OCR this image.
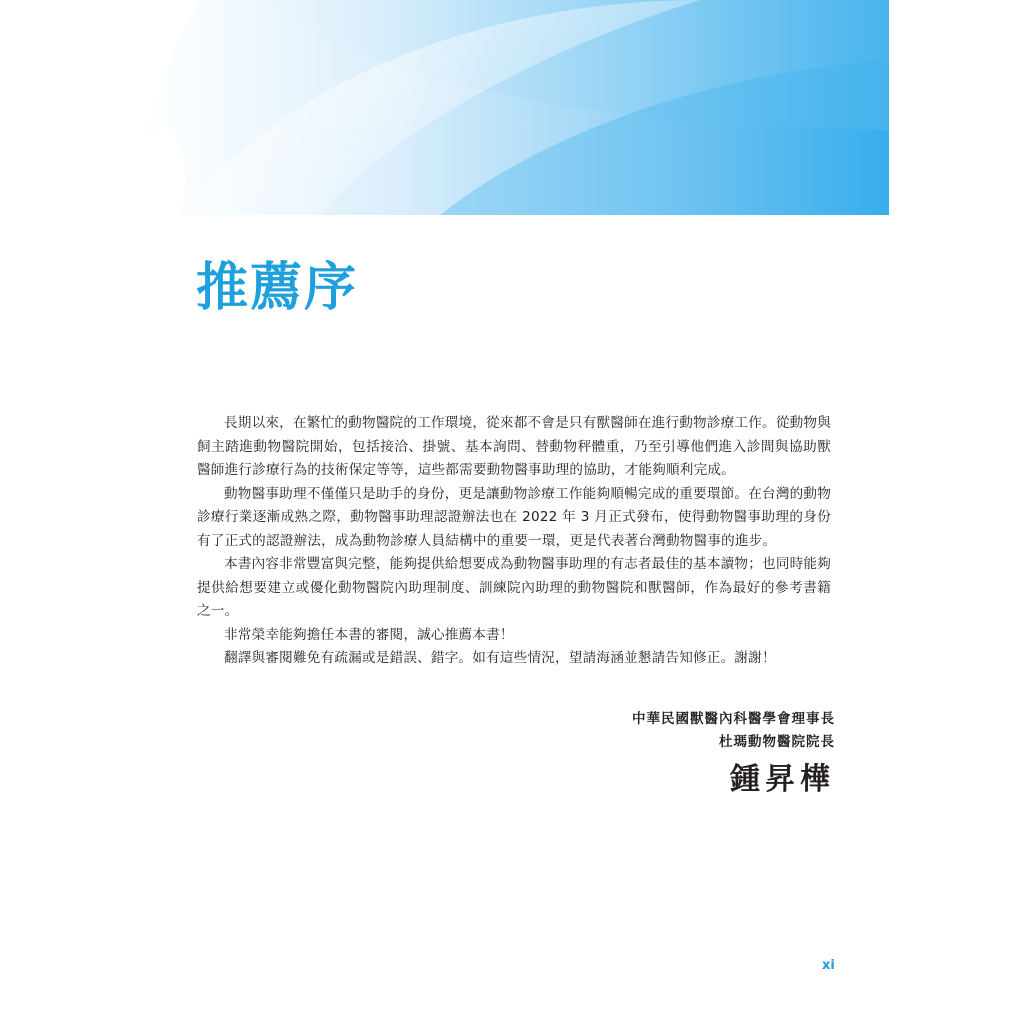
推薦序

長期以來，在繁忙的動物醫院的工作環境，從來都不會是只有獸醫師在進行動物診療工作。從動物與飼主踏進動物醫院開始，包括接洽、掛號、基本詢問、替動物秤體重，乃至引導他們進入診間與協助獸醫師進行診療行為的技術保定等等，這些都需要動物醫事助理的協助，才能夠順利完成。

動物醫事助理不僅僅只是助手的身份，更是讓動物診療工作能夠順暢完成的重要環節。在台灣的動物診療行業逐漸成熟之際，動物醫事助理認證辦法也在 2022 年 3 月正式發布，使得動物醫事助理的身份有了正式的認證辦法，成為動物診療人員結構中的重要一環，更是代表著台灣動物醫事的進步。

本書內容非常豐富與完整，能夠提供給想要成為動物醫事助理的有志者最佳的基本讀物；也同時能夠提供給想要建立或優化動物醫院內助理制度、訓練院內助理的動物醫院和獸醫師，作為最好的參考書籍之一。

非常榮幸能夠擔任本書的審閱，誠心推薦本書！

翻譯與審閱難免有疏漏或是錯誤、錯字。如有這些情況，望請海涵並懇請告知修正。謝謝！

中華民國獸醫內科醫學會理事長
杜瑪動物醫院院長
鍾昇樺
xi
